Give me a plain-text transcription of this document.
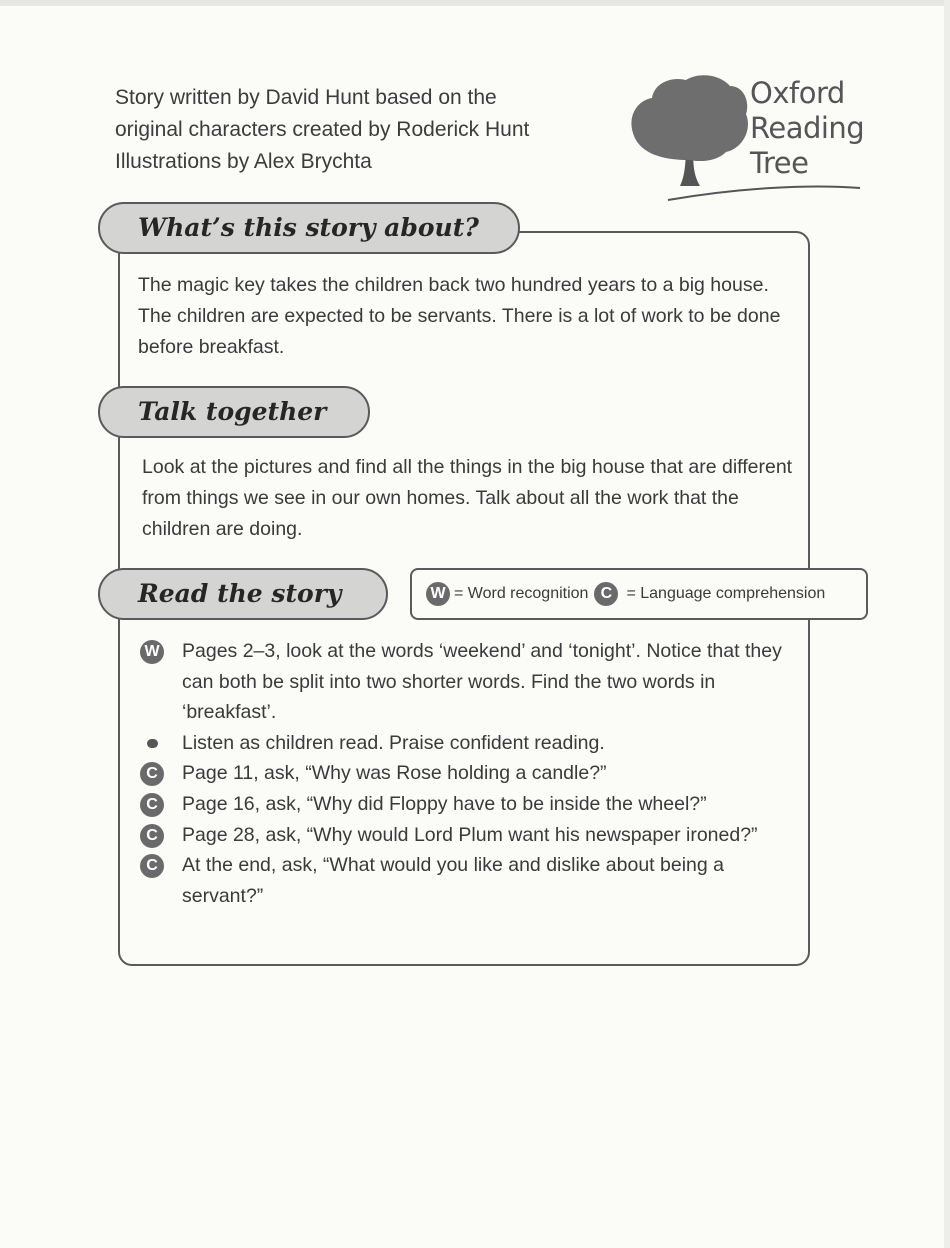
Story written by David Hunt based on the
original characters created by Roderick Hunt
Illustrations by Alex Brychta
Oxford
Reading
Tree
What’s this story about?
The magic key takes the children back two hundred years to a big house. The children are expected to be servants. There is a lot of work to be done before breakfast.
Talk together
Look at the pictures and find all the things in the big house that are different from things we see in our own homes. Talk about all the work that the children are doing.
Read the story	W = Word recognition C = Language comprehension
W Pages 2–3, look at the words ‘weekend’ and ‘tonight’. Notice that they can both be split into two shorter words. Find the two words in ‘breakfast’.
Listen as children read. Praise confident reading.
C	Page 11, ask, “Why was Rose holding a candle?”
C	Page 16, ask, “Why did Floppy have to be inside the wheel?”
C	Page 28, ask, “Why would Lord Plum want his newspaper ironed?”
C	At the end, ask, “What would you like and dislike about being a servant?”
